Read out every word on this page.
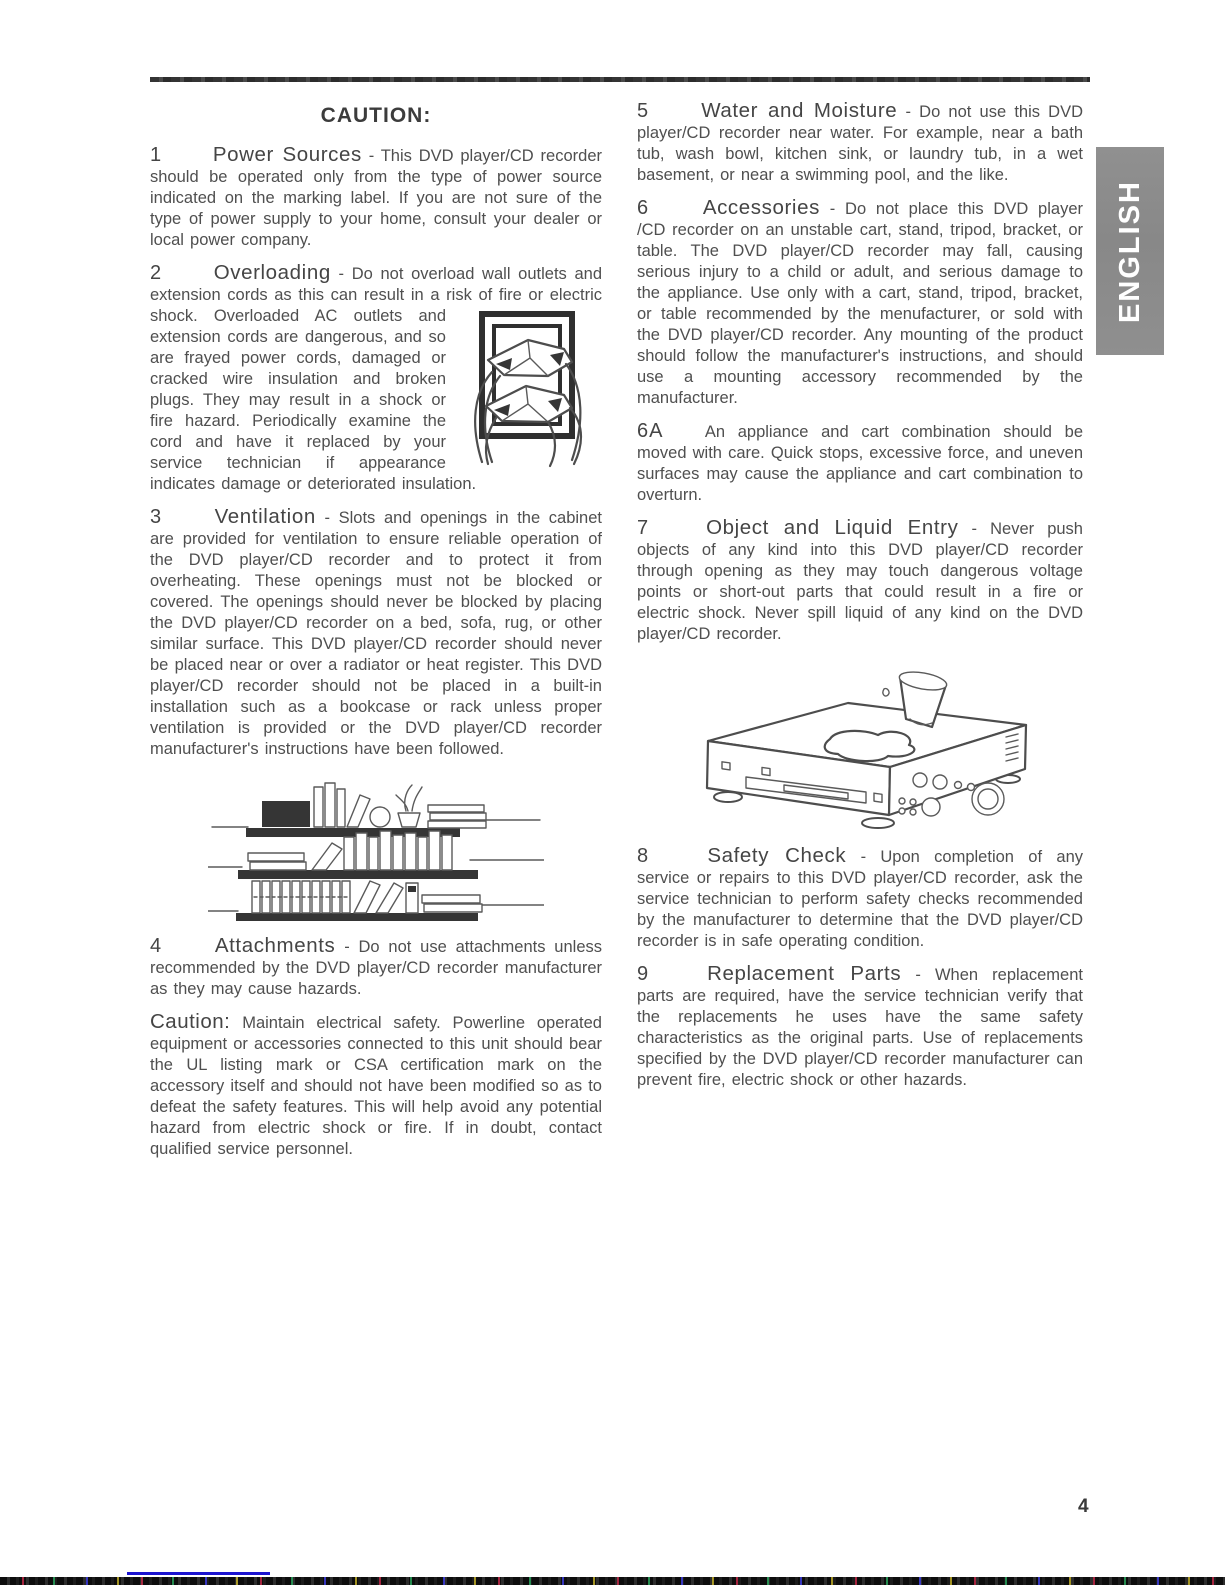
CAUTION:

1 Power Sources - This DVD player/CD recorder should be operated only from the type of power source indicated on the marking label. If you are not sure of the type of power supply to your home, consult your dealer or local power company.

2	Overloading - Do not overload wall outlets and extension cords as this can result in a risk of fire or electric shock. Overloaded AC outlets and extension cords are dangerous, and so are frayed power cords, damaged or cracked wire insulation and broken plugs. They may result in a shock or fire hazard. Periodically examine the cord and have it replaced by your service technician if appearance indicates damage or deteriorated insulation.

3	Ventilation - Slots and openings in the cabinet are provided for ventilation to ensure reliable operation of the DVD player/CD recorder and to protect it from overheating. These openings must not be blocked or covered. The openings should never be blocked by placing the DVD player/CD recorder on a bed, sofa, rug, or other similar surface. This DVD player/CD recorder should never be placed near or over a radiator or heat register. This DVD player/CD recorder should not be placed in a built-in installation such as a bookcase or rack unless proper ventilation is provided or the DVD player/CD recorder manufacturer's instructions have been followed.

4	Attachments - Do not use attachments unless recommended by the DVD player/CD recorder manufacturer as they may cause hazards.

Caution: Maintain electrical safety. Powerline operated equipment or accessories connected to this unit should bear the UL listing mark or CSA certification mark on the accessory itself and should not have been modified so as to defeat the safety features. This will help avoid any potential hazard from electric shock or fire. If in doubt, contact qualified service personnel.

5	Water and Moisture - Do not use this DVD player/CD recorder near water. For example, near a bath tub, wash bowl, kitchen sink, or laundry tub, in a wet basement, or near a swimming pool, and the like.

6	Accessories - Do not place this DVD player /CD recorder on an unstable cart, stand, tripod, bracket, or table. The DVD player/CD recorder may fall, causing serious injury to a child or adult, and serious damage to the appliance. Use only with a cart, stand, tripod, bracket, or table recommended by the menufacturer, or sold with the DVD player/CD recorder. Any mounting of the product should follow the manufacturer's instructions, and should use a mounting accessory recommended by the manufacturer.

6A	An appliance and cart combination should be moved with care. Quick stops, excessive force, and uneven surfaces may cause the appliance and cart combination to overturn.

7	Object and Liquid Entry - Never push objects of any kind into this DVD player/CD recorder through opening as they may touch dangerous voltage points or short-out parts that could result in a fire or electric shock. Never spill liquid of any kind on the DVD player/CD recorder.

8	Safety Check - Upon completion of any service or repairs to this DVD player/CD recorder, ask the service technician to perform safety checks recommended by the manufacturer to determine that the DVD player/CD recorder is in safe operating condition.

9	Replacement Parts - When replacement parts are required, have the service technician verify that the replacements he uses have the same safety characteristics as the original parts. Use of replacements specified by the DVD player/CD recorder manufacturer can prevent fire, electric shock or other hazards.

ENGLISH
4
